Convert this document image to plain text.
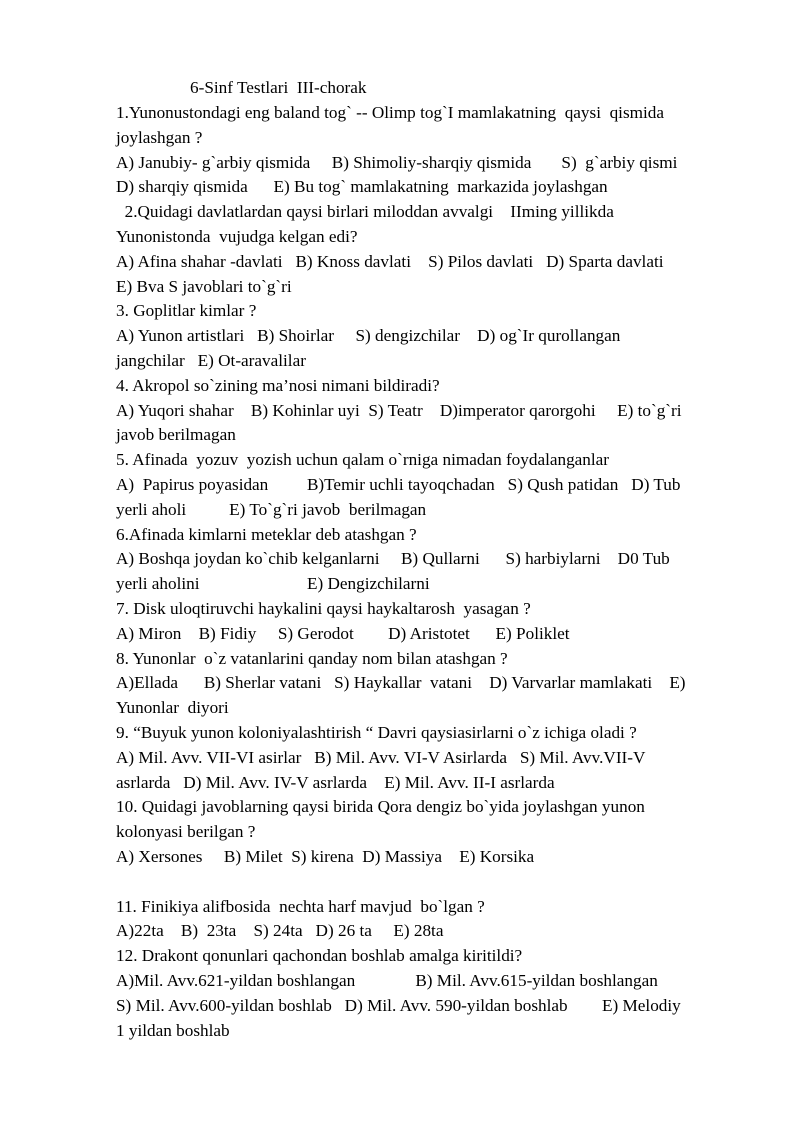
6-Sinf Testlari  III-chorak
1.Yunonustondagi eng baland tog` -- Olimp tog`I mamlakatning  qaysi  qismida
joylashgan ?
A) Janubiy- g`arbiy qismida     B) Shimoliy-sharqiy qismida       S)  g`arbiy qismi
D) sharqiy qismida      E) Bu tog` mamlakatning  markazida joylashgan
2.Quidagi davlatlardan qaysi birlari miloddan avvalgi    IIming yillikda
Yunonistonda  vujudga kelgan edi?
A) Afina shahar -davlati   B) Knoss davlati    S) Pilos davlati   D) Sparta davlati
E) Bva S javoblari to`g`ri
3. Goplitlar kimlar ?
A) Yunon artistlari   B) Shoirlar     S) dengizchilar    D) og`Ir qurollangan
jangchilar   E) Ot-aravalilar
4. Akropol so`zining ma’nosi nimani bildiradi?
A) Yuqori shahar    B) Kohinlar uyi  S) Teatr    D)imperator qarorgohi     E) to`g`ri
javob berilmagan
5. Afinada  yozuv  yozish uchun qalam o`rniga nimadan foydalanganlar
A)  Papirus poyasidan         B)Temir uchli tayoqchadan   S) Qush patidan   D) Tub
yerli aholi          E) To`g`ri javob  berilmagan
6.Afinada kimlarni meteklar deb atashgan ?
A) Boshqa joydan ko`chib kelganlarni     B) Qullarni      S) harbiylarni    D0 Tub
yerli aholini                         E) Dengizchilarni
7. Disk uloqtiruvchi haykalini qaysi haykaltarosh  yasagan ?
A) Miron    B) Fidiy     S) Gerodot        D) Aristotet      E) Poliklet
8. Yunonlar  o`z vatanlarini qanday nom bilan atashgan ?
A)Ellada      B) Sherlar vatani   S) Haykallar  vatani    D) Varvarlar mamlakati    E)
Yunonlar  diyori
9. “Buyuk yunon koloniyalashtirish “ Davri qaysiasirlarni o`z ichiga oladi ?
A) Mil. Avv. VII-VI asirlar   B) Mil. Avv. VI-V Asirlarda   S) Mil. Avv.VII-V
asrlarda   D) Mil. Avv. IV-V asrlarda    E) Mil. Avv. II-I asrlarda
10. Quidagi javoblarning qaysi birida Qora dengiz bo`yida joylashgan yunon
kolonyasi berilgan ?
A) Xersones     B) Milet  S) kirena  D) Massiya    E) Korsika
11. Finikiya alifbosida  nechta harf mavjud  bo`lgan ?
A)22ta    B)  23ta    S) 24ta   D) 26 ta     E) 28ta
12. Drakont qonunlari qachondan boshlab amalga kiritildi?
A)Mil. Avv.621-yildan boshlangan              B) Mil. Avv.615-yildan boshlangan
S) Mil. Avv.600-yildan boshlab   D) Mil. Avv. 590-yildan boshlab        E) Melodiy
1 yildan boshlab
